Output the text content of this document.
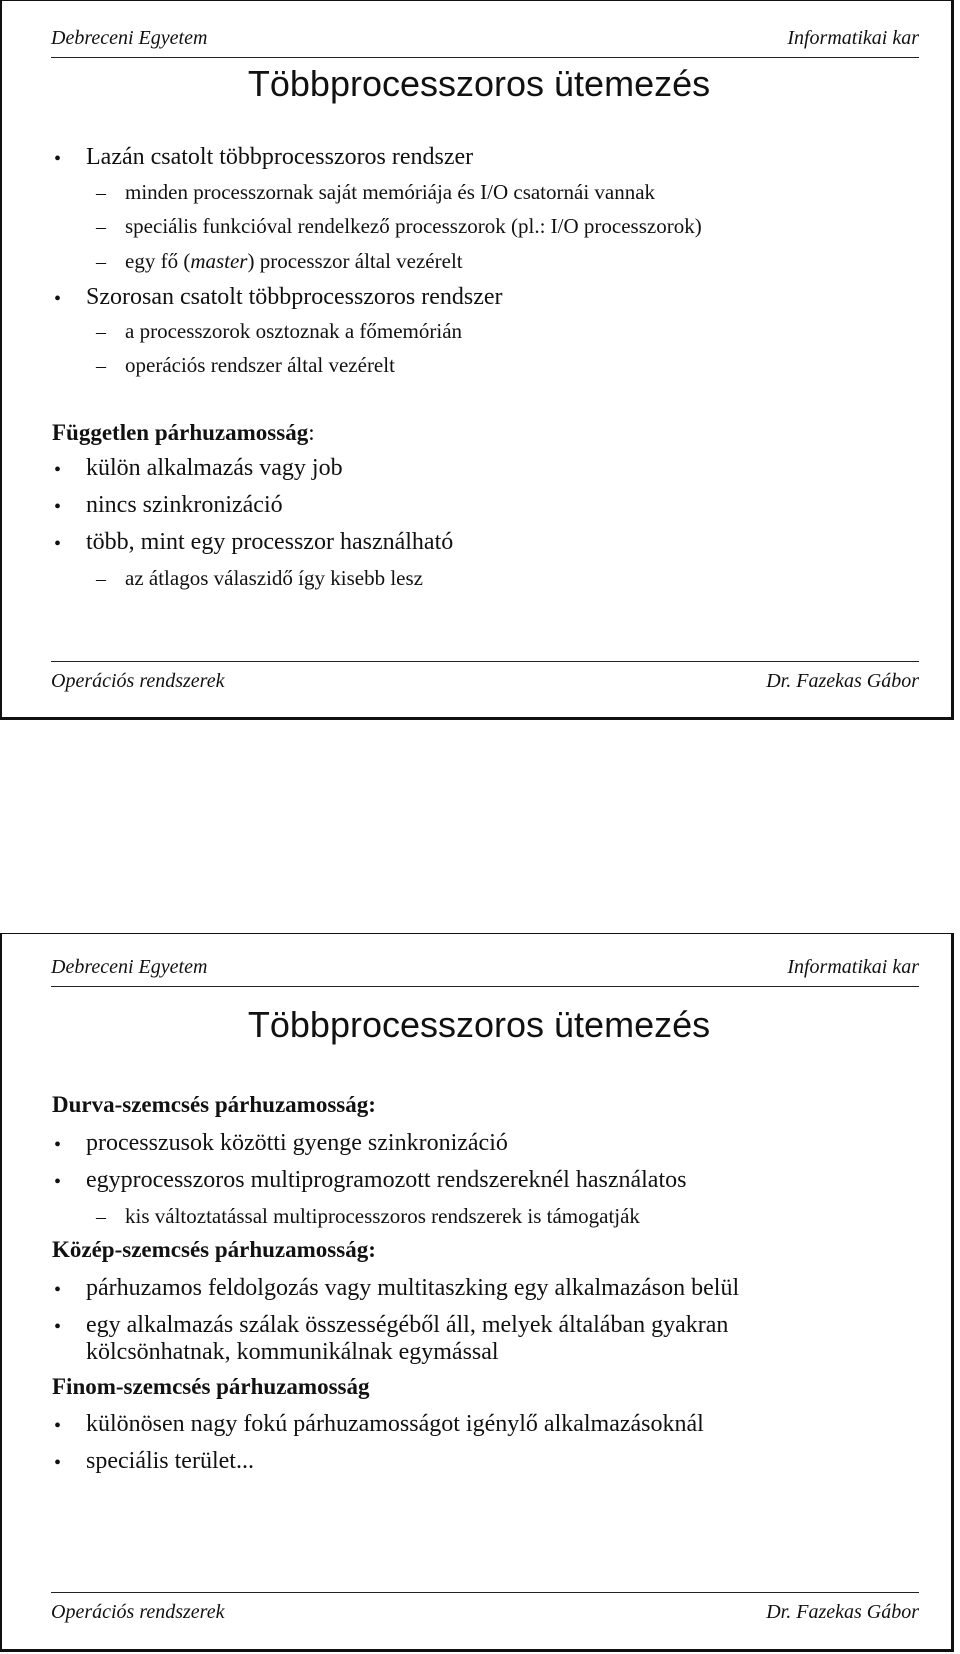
Debreceni Egyetem	Informatikai kar
Többprocesszoros ütemezés
• Lazán csatolt többprocesszoros rendszer
– minden processzornak saját memóriája és I/O csatornái vannak
– speciális funkcióval rendelkező processzorok (pl.: I/O processzorok)
– egy fő (master) processzor által vezérelt
• Szorosan csatolt többprocesszoros rendszer
– a processzorok osztoznak a főmemórián
– operációs rendszer által vezérelt
Független párhuzamosság:
• külön alkalmazás vagy job
• nincs szinkronizáció
• több, mint egy processzor használható
– az átlagos válaszidő így kisebb lesz
Operációs rendszerek	Dr. Fazekas Gábor
Debreceni Egyetem	Informatikai kar
Többprocesszoros ütemezés
Durva-szemcsés párhuzamosság:
• processzusok közötti gyenge szinkronizáció
• egyprocesszoros multiprogramozott rendszereknél használatos
– kis változtatással multiprocesszoros rendszerek is támogatják
Közép-szemcsés párhuzamosság:
• párhuzamos feldolgozás vagy multitaszking egy alkalmazáson belül
• egy alkalmazás szálak összességéből áll, melyek általában gyakran
kölcsönhatnak, kommunikálnak egymással
Finom-szemcsés párhuzamosság
• különösen nagy fokú párhuzamosságot igénylő alkalmazásoknál
• speciális terület...
Operációs rendszerek	Dr. Fazekas Gábor
